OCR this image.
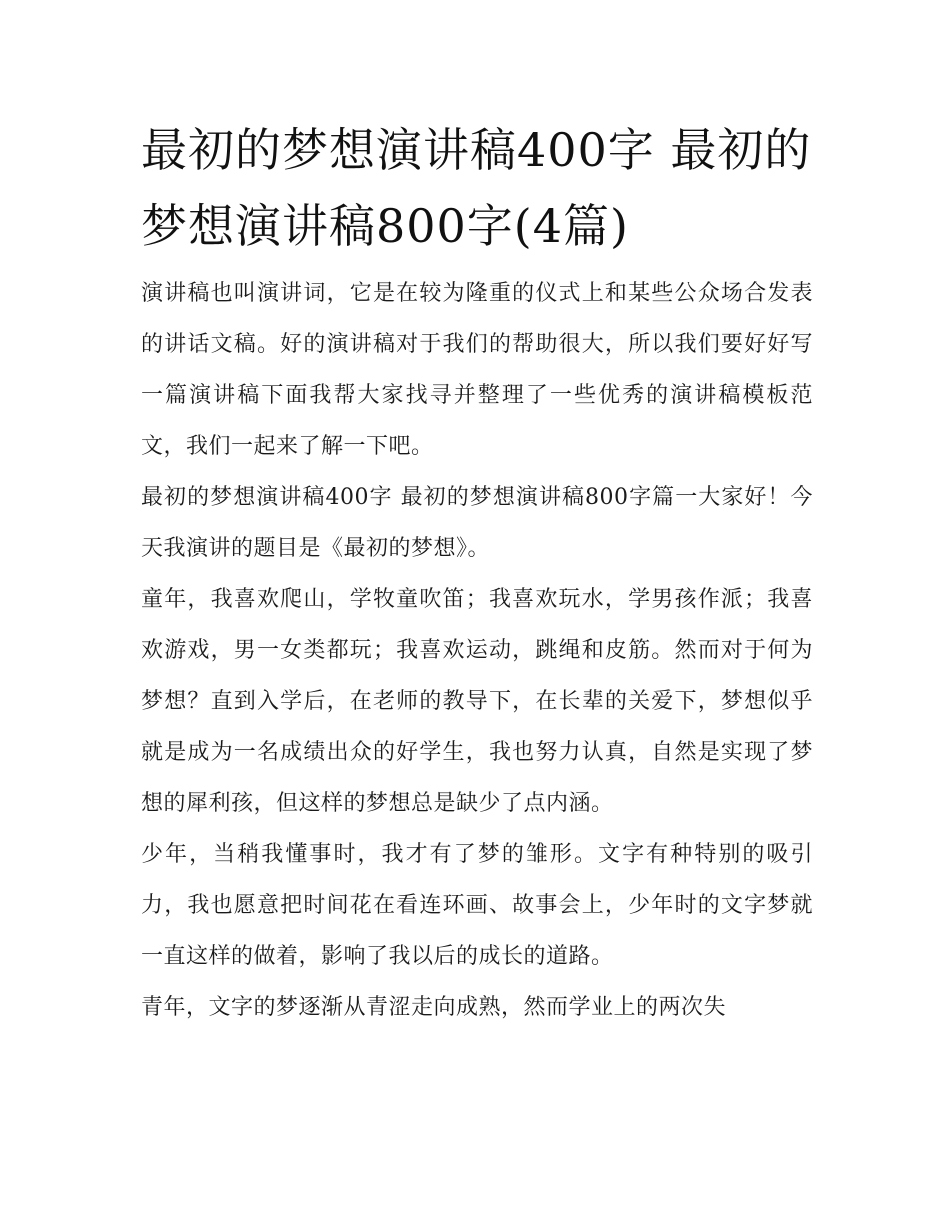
最初的梦想演讲稿400字 最初的梦想演讲稿800字(4篇)

演讲稿也叫演讲词，它是在较为隆重的仪式上和某些公众场合发表的讲话文稿。好的演讲稿对于我们的帮助很大，所以我们要好好写一篇演讲稿下面我帮大家找寻并整理了一些优秀的演讲稿模板范文，我们一起来了解一下吧。

最初的梦想演讲稿400字 最初的梦想演讲稿800字篇一大家好！今天我演讲的题目是《最初的梦想》。

童年，我喜欢爬山，学牧童吹笛；我喜欢玩水，学男孩作派；我喜欢游戏，男一女类都玩；我喜欢运动，跳绳和皮筋。然而对于何为梦想？直到入学后，在老师的教导下，在长辈的关爱下，梦想似乎就是成为一名成绩出众的好学生，我也努力认真，自然是实现了梦想的犀利孩，但这样的梦想总是缺少了点内涵。

少年，当稍我懂事时，我才有了梦的雏形。文字有种特别的吸引力，我也愿意把时间花在看连环画、故事会上，少年时的文字梦就一直这样的做着，影响了我以后的成长的道路。

青年，文字的梦逐渐从青涩走向成熟，然而学业上的两次失
